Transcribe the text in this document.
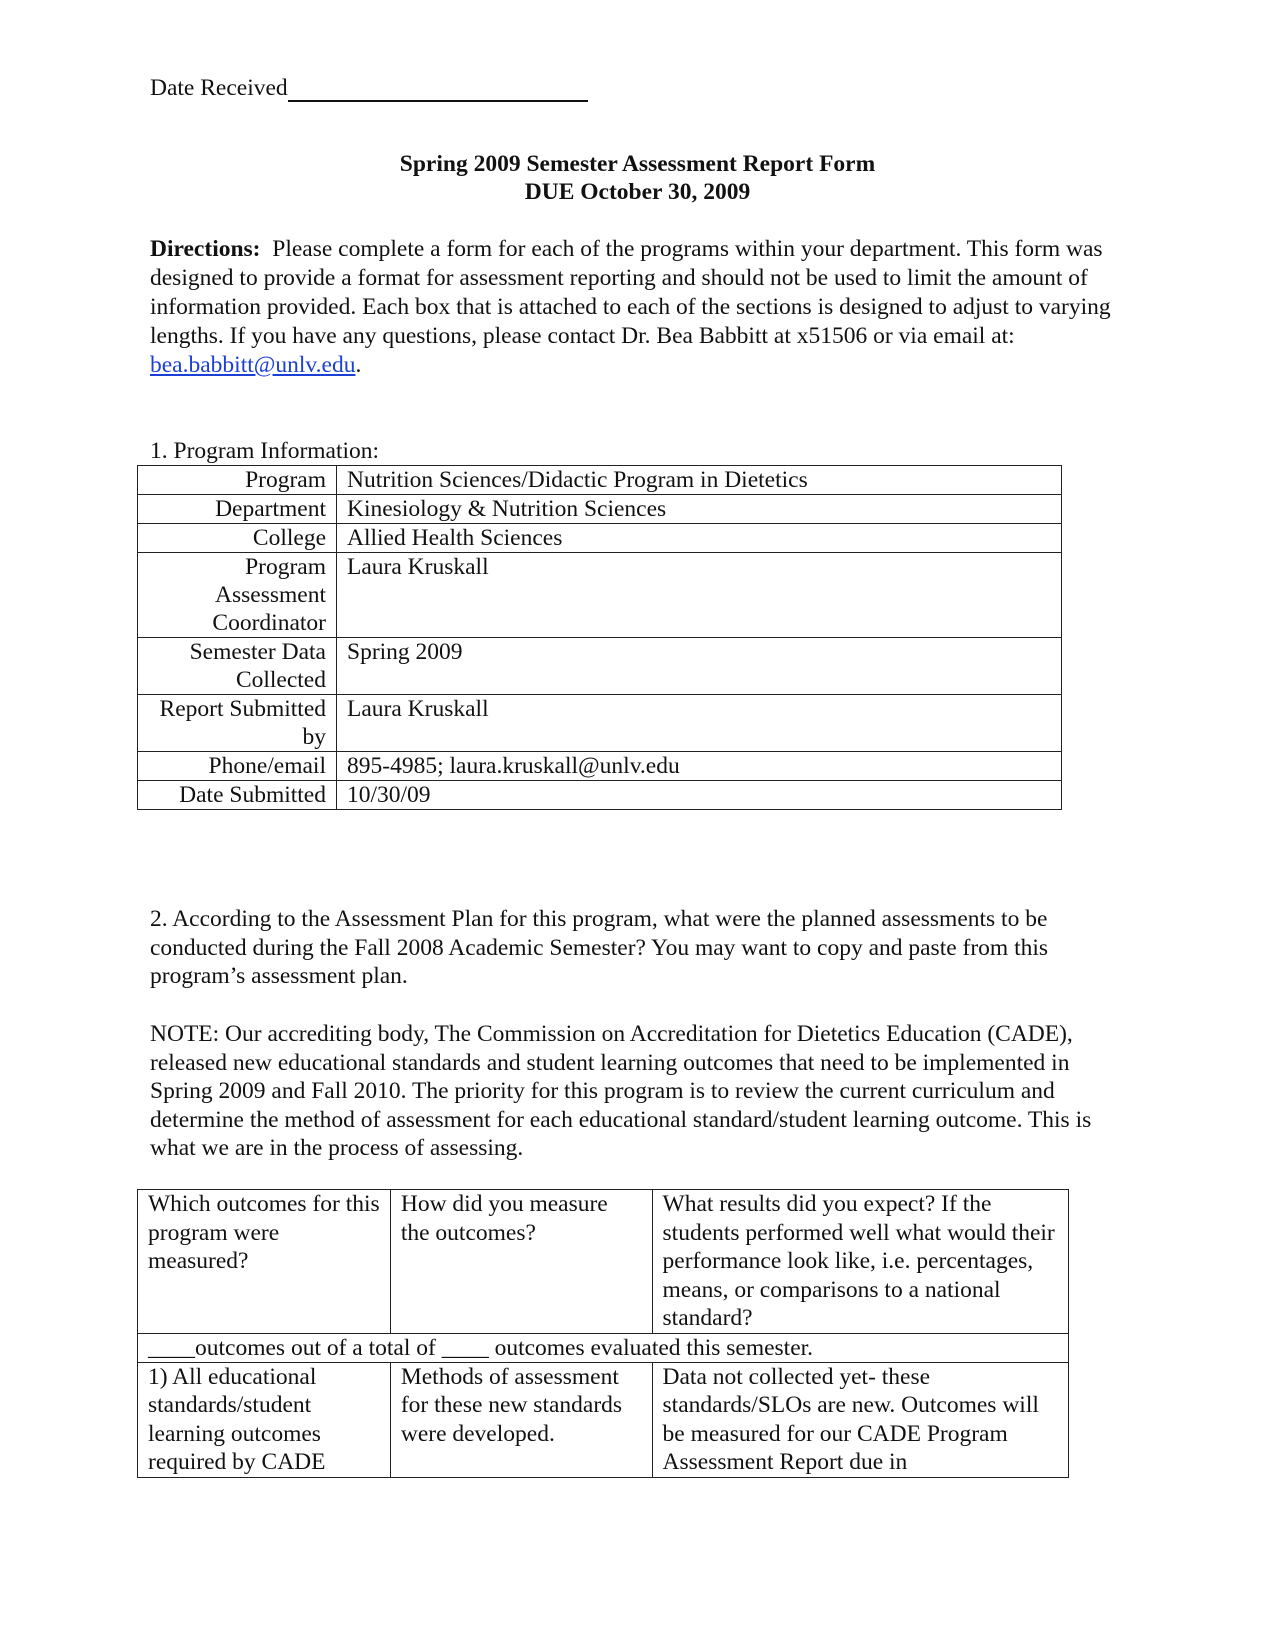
Date Received
Spring 2009 Semester Assessment Report Form
DUE October 30, 2009
Directions: Please complete a form for each of the programs within your department. This form was designed to provide a format for assessment reporting and should not be used to limit the amount of information provided. Each box that is attached to each of the sections is designed to adjust to varying lengths. If you have any questions, please contact Dr. Bea Babbitt at x51506 or via email at:  bea.babbitt@unlv.edu.
1. Program Information:
Program	Nutrition Sciences/Didactic Program in Dietetics
Department	Kinesiology & Nutrition Sciences
College	Allied Health Sciences
Program Assessment Coordinator	Laura Kruskall
Semester Data Collected	Spring 2009
Report Submitted by	Laura Kruskall
Phone/email	895-4985; laura.kruskall@unlv.edu
Date Submitted	10/30/09
2. According to the Assessment Plan for this program, what were the planned assessments to be conducted during the Fall 2008 Academic Semester? You may want to copy and paste from this program’s assessment plan.
NOTE: Our accrediting body, The Commission on Accreditation for Dietetics Education (CADE), released new educational standards and student learning outcomes that need to be implemented in Spring 2009 and Fall 2010. The priority for this program is to review the current curriculum and determine the method of assessment for each educational standard/student learning outcome. This is what we are in the process of assessing.
Which outcomes for this program were measured?	How did you measure the outcomes?	What results did you expect? If the students performed well what would their performance look like, i.e. percentages, means, or comparisons to a national standard?
____outcomes out of a total of ____ outcomes evaluated this semester.		
1) All educational standards/student learning outcomes required by CADE	Methods of assessment for these new standards were developed.	Data not collected yet- these standards/SLOs are new. Outcomes will be measured for our CADE Program Assessment Report due in
